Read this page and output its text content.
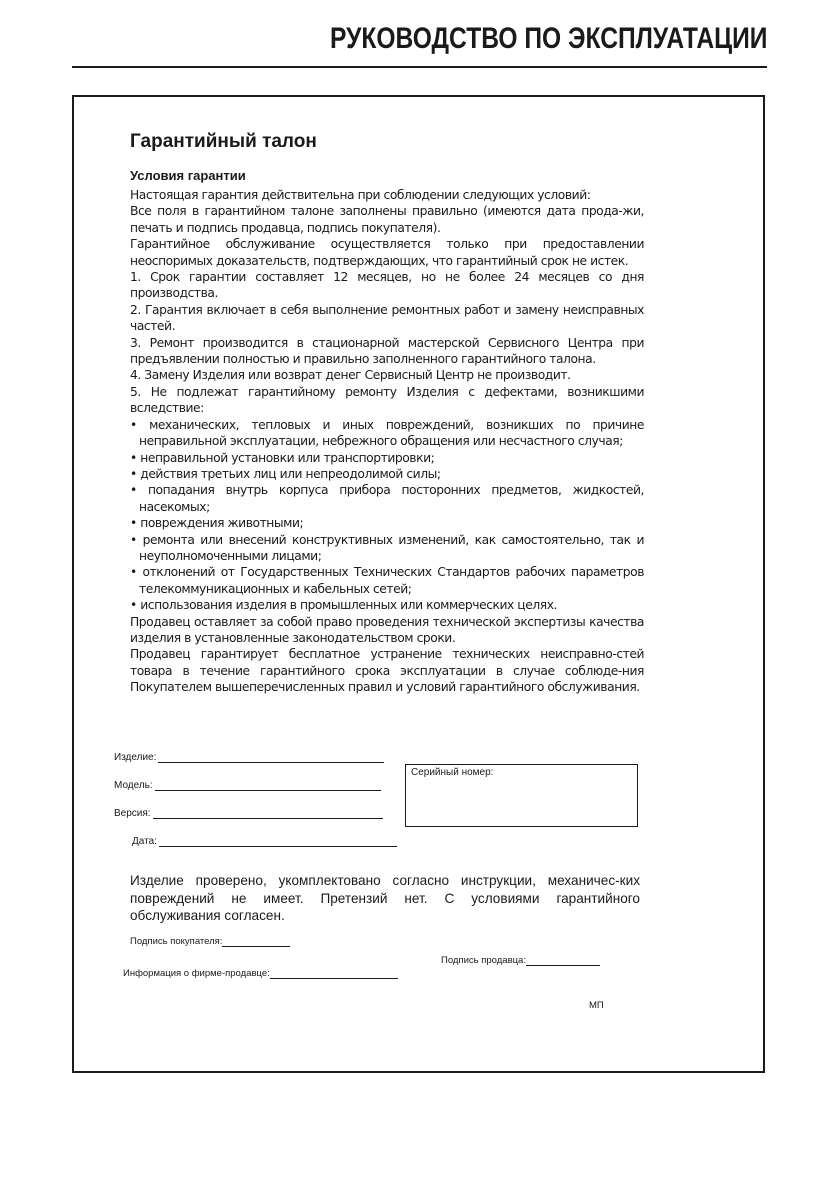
РУКОВОДСТВО ПО ЭКСПЛУАТАЦИИ
Гарантийный талон
Условия гарантии

Настоящая гарантия действительна при соблюдении следующих условий:

Все поля в гарантийном талоне заполнены правильно (имеются дата прода-жи, печать и подпись продавца, подпись покупателя).

Гарантийное обслуживание осуществляется только при предоставлении неоспоримых доказательств, подтверждающих, что гарантийный срок не истек.

1. Срок гарантии составляет 12 месяцев, но не более 24 месяцев со дня производства.

2. Гарантия включает в себя выполнение ремонтных работ и замену неисправных частей.

3. Ремонт производится в стационарной мастерской Сервисного Центра при предъявлении полностью и правильно заполненного гарантийного талона.

4. Замену Изделия или возврат денег Сервисный Центр не производит.

5. Не подлежат гарантийному ремонту Изделия с дефектами, возникшими вследствие:

• механических, тепловых и иных повреждений, возникших по причине неправильной эксплуатации, небрежного обращения или несчастного случая;

• неправильной установки или транспортировки;

• действия третьих лиц или непреодолимой силы;

• попадания внутрь корпуса прибора посторонних предметов, жидкостей, насекомых;

• повреждения животными;

• ремонта или внесений конструктивных изменений, как самостоятельно, так и неуполномоченными лицами;

• отклонений от Государственных Технических Стандартов рабочих параметров телекоммуникационных и кабельных сетей;

• использования изделия в промышленных или коммерческих целях.

Продавец оставляет за собой право проведения технической экспертизы качества изделия в установленные законодательством сроки.

Продавец гарантирует бесплатное устранение технических неисправно-стей товара в течение гарантийного срока эксплуатации в случае соблюде-ния Покупателем вышеперечисленных правил и условий гарантийного обслуживания.

Изделие:
Модель:
Версия:
Дата:
Серийный номер:
Изделие проверено, укомплектовано согласно инструкции, механичес-ких повреждений не имеет. Претензий нет. С условиями гарантийного обслуживания согласен.
Подпись покупателя:
Подпись продавца:
Информация о фирме-продавце:
МП
